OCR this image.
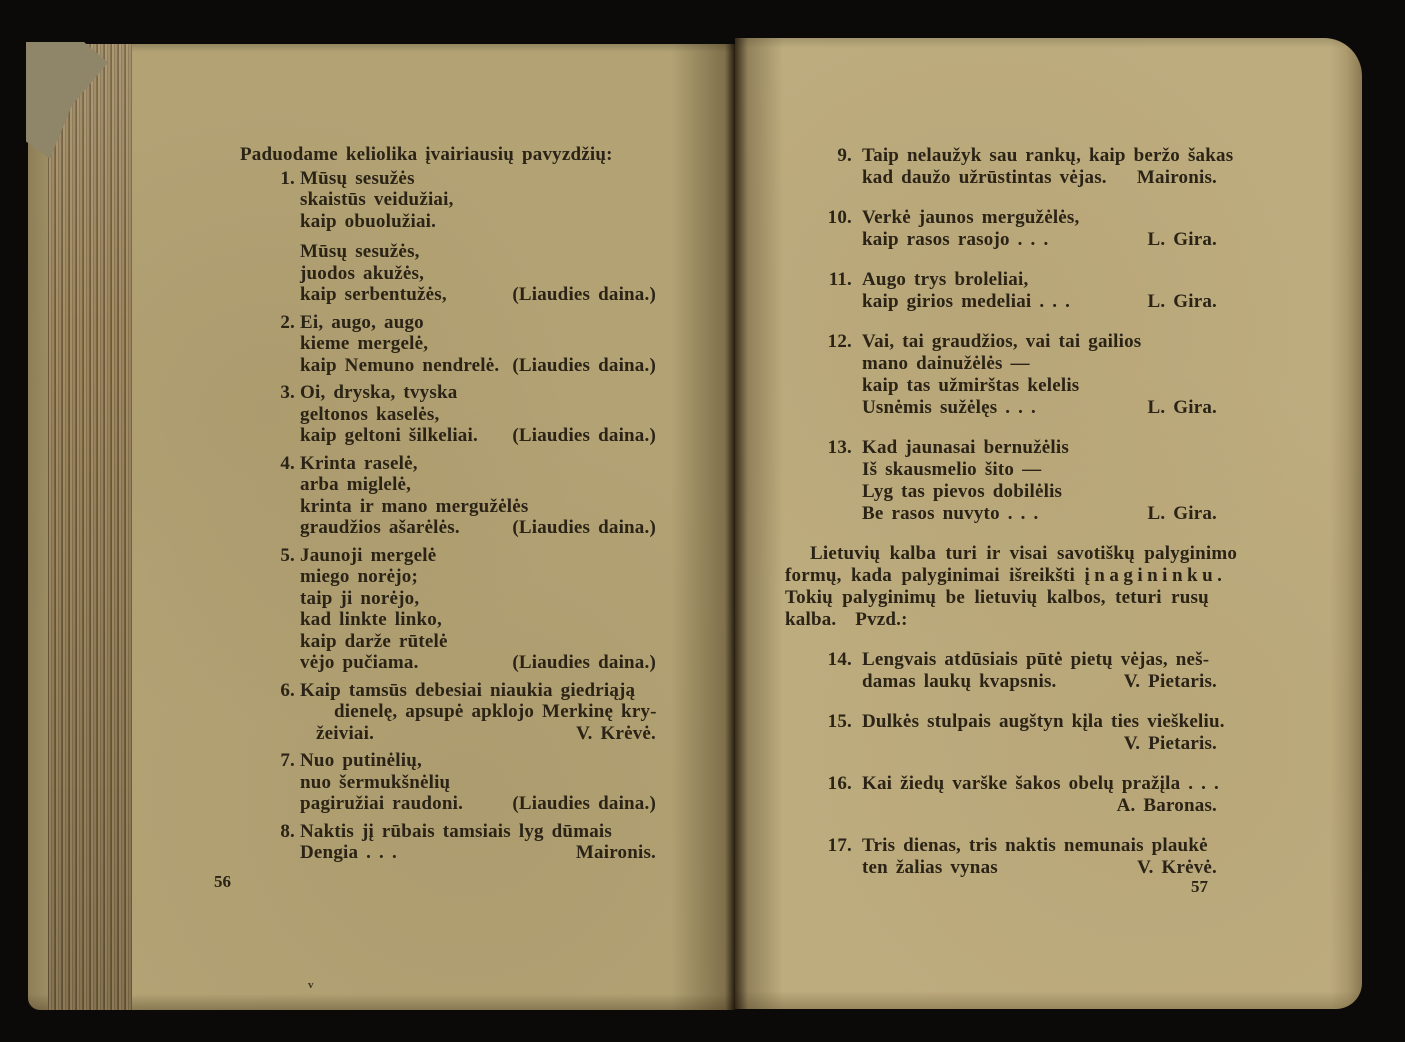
Paduodame keliolika įvairiausių pavyzdžių:
1. Mūsų sesužės
skaistūs veidužiai,
kaip obuolužiai.
Mūsų sesužės,
juodos akužės,
kaip serbentužės,	(Liaudies daina.)
2. Ei, augo, augo
kieme mergelė,
kaip Nemuno nendrelė. (Liaudies daina.)
3. Oi, dryska, tvyska
geltonos kaselės,
kaip geltoni šilkeliai. (Liaudies daina.)
4. Krinta raselė,
arba miglelė,
krinta ir mano mergužėlės
graudžios ašarėlės.	(Liaudies daina.)
5. Jaunoji mergelė
miego norėjo;
taip ji norėjo,
kad linkte linko,
kaip darže rūtelė
vėjo pučiama.	(Liaudies daina.)
6. Kaip tamsūs debesiai niaukia giedriąją
dienelę, apsupė apklojo Merkinę kry-
žeiviai.	V. Krėvė.
7. Nuo putinėlių,
nuo šermukšnėlių
pagiružiai raudoni.	(Liaudies daina.)
8. Naktis jį rūbais tamsiais lyg dūmais
Dengia . . .	Maironis.
9. Taip nelaužyk sau rankų, kaip beržo šakas
kad daužo užrūstintas vėjas. Maironis.
10. Verkė jaunos mergužėlės,
kaip rasos rasojo . . .	L. Gira.
11. Augo trys broleliai,
kaip girios medeliai . . .	L. Gira.
12. Vai, tai graudžios, vai tai gailios
mano dainužėlės —
kaip tas užmirštas kelelis
Usnėmis sužėlęs . . .	L. Gira.
13. Kad jaunasai bernužėlis
Iš skausmelio šito —
Lyg tas pievos dobilėlis
Be rasos nuvyto . . .	L. Gira.
Lietuvių kalba turi ir visai savotiškų palyginimo
formų, kada palyginimai išreikšti įnagininku.
Tokių palyginimų be lietuvių kalbos, teturi rusų
kalba.  Pvzd.:
14. Lengvais atdūsiais pūtė pietų vėjas, neš-
damas laukų kvapsnis.	V. Pietaris.
15. Dulkės stulpais augštyn kįla ties vieškeliu.
V. Pietaris.
16. Kai žiedų varške šakos obelų pražįla . . .
A. Baronas.
17. Tris dienas, tris naktis nemunais plaukė
ten žalias vynas	V. Krėvė.
56	57
v
